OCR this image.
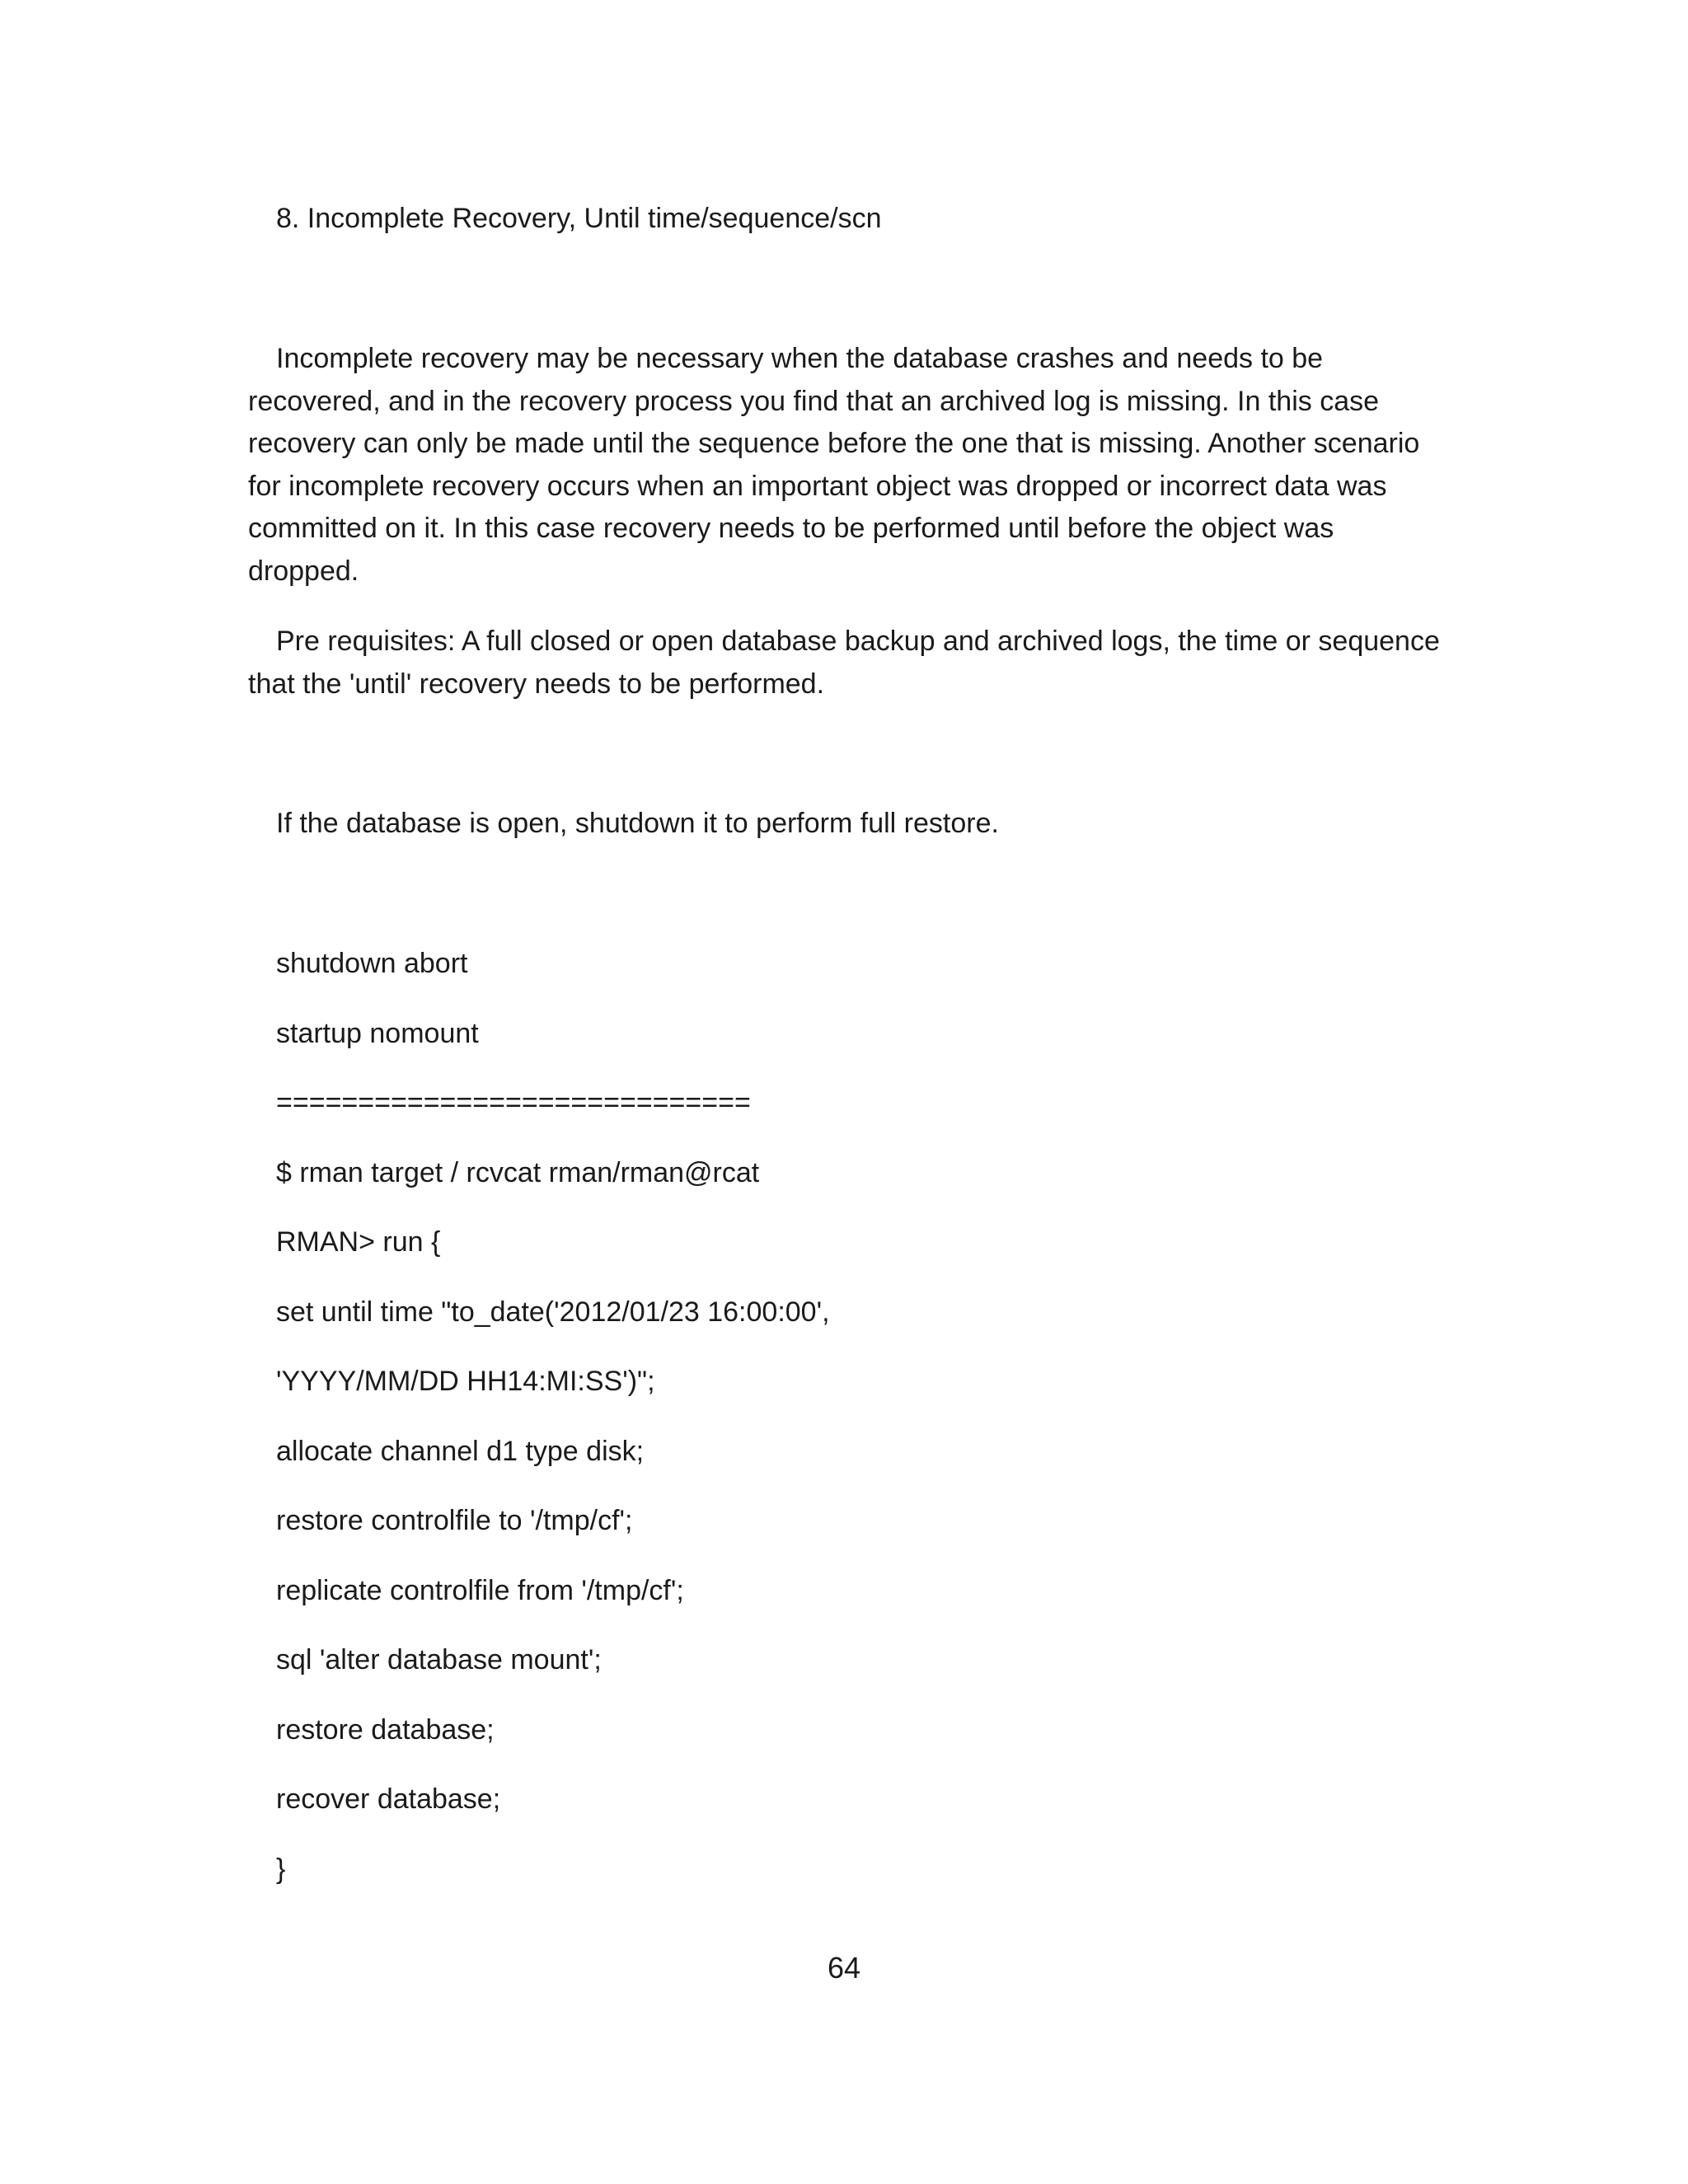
8. Incomplete Recovery, Until time/sequence/scn

Incomplete recovery may be necessary when the database crashes and needs to be recovered, and in the recovery process you find that an archived log is missing. In this case recovery can only be made until the sequence before the one that is missing. Another scenario for incomplete recovery occurs when an important object was dropped or incorrect data was committed on it. In this case recovery needs to be performed until before the object was dropped.

Pre requisites: A full closed or open database backup and archived logs, the time or sequence that the 'until' recovery needs to be performed.

If the database is open, shutdown it to perform full restore.
shutdown abort
startup nomount
=============================
$ rman target / rcvcat rman/rman@rcat
RMAN> run {
set until time "to_date('2012/01/23 16:00:00',
'YYYY/MM/DD HH14:MI:SS')";
allocate channel d1 type disk;
restore controlfile to '/tmp/cf';
replicate controlfile from '/tmp/cf';
sql 'alter database mount';
restore database;
recover database;
}
64
